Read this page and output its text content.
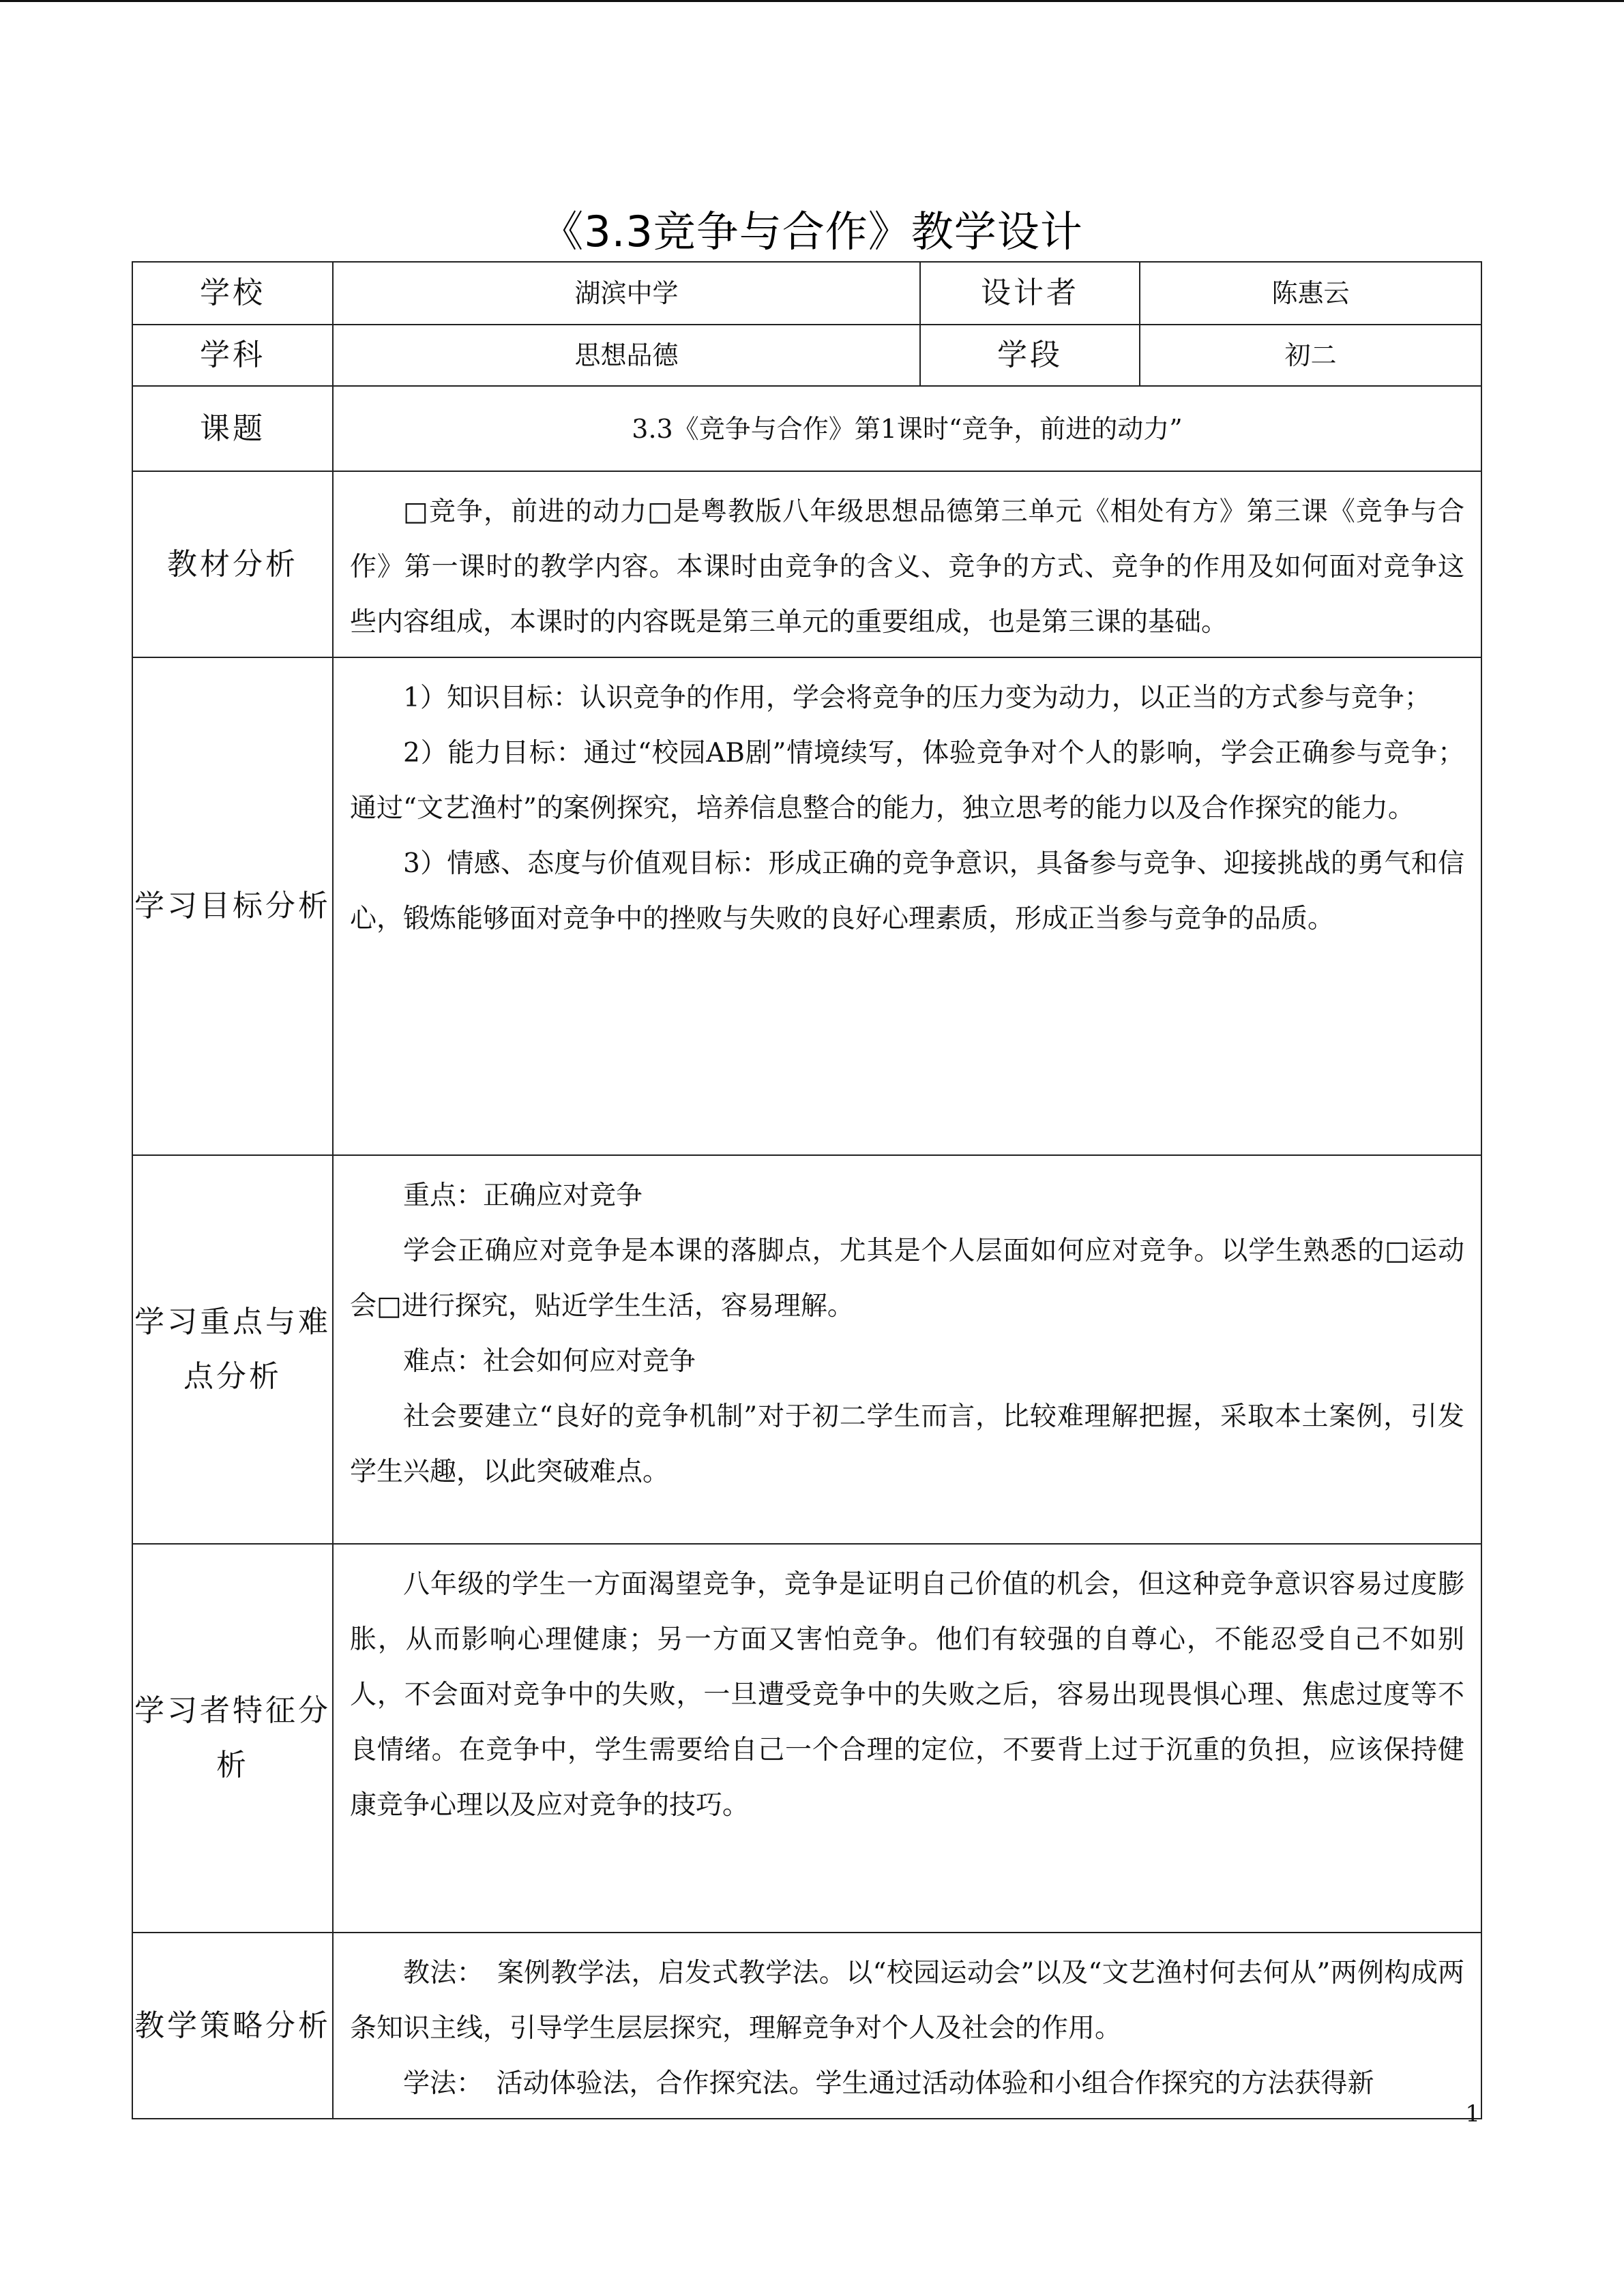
《3.3竞争与合作》教学设计
学校	湖滨中学	设计者	陈惠云
学科	思想品德	学段	初二
课题	3.3《竞争与合作》第1课时“竞争，前进的动力”		
教材分析	□竞争，前进的动力□是粤教版八年级思想品德第三单元《相处有方》第三课《竞争与合作》第一课时的教学内容。本课时由竞争的含义、竞争的方式、竞争的作用及如何面对竞争这些内容组成，本课时的内容既是第三单元的重要组成，也是第三课的基础。		

学习目标分析	1）知识目标：认识竞争的作用，学会将竞争的压力变为动力，以正当的方式参与竞争；

2）能力目标：通过“校园AB剧”情境续写，体验竞争对个人的影响，学会正确参与竞争；通过“文艺渔村”的案例探究，培养信息整合的能力，独立思考的能力以及合作探究的能力。

3）情感、态度与价值观目标：形成正确的竞争意识，具备参与竞争、迎接挑战的勇气和信心，锻炼能够面对竞争中的挫败与失败的良好心理素质，形成正当参与竞争的品质。		

学习重点与难点分析	重点：正确应对竞争

学会正确应对竞争是本课的落脚点，尤其是个人层面如何应对竞争。以学生熟悉的□运动会□进行探究，贴近学生生活，容易理解。

难点：社会如何应对竞争

社会要建立“良好的竞争机制”对于初二学生而言，比较难理解把握，采取本土案例，引发学生兴趣，以此突破难点。		

学习者特征分析	八年级的学生一方面渴望竞争，竞争是证明自己价值的机会，但这种竞争意识容易过度膨胀，从而影响心理健康；另一方面又害怕竞争。他们有较强的自尊心，不能忍受自己不如别人，不会面对竞争中的失败，一旦遭受竞争中的失败之后，容易出现畏惧心理、焦虑过度等不良情绪。在竞争中，学生需要给自己一个合理的定位，不要背上过于沉重的负担，应该保持健康竞争心理以及应对竞争的技巧。		

教学策略分析	教法：　案例教学法，启发式教学法。以“校园运动会”以及“文艺渔村何去何从”两例构成两条知识主线，引导学生层层探究，理解竞争对个人及社会的作用。

学法：　活动体验法，合作探究法。学生通过活动体验和小组合作探究的方法获得新		

1
